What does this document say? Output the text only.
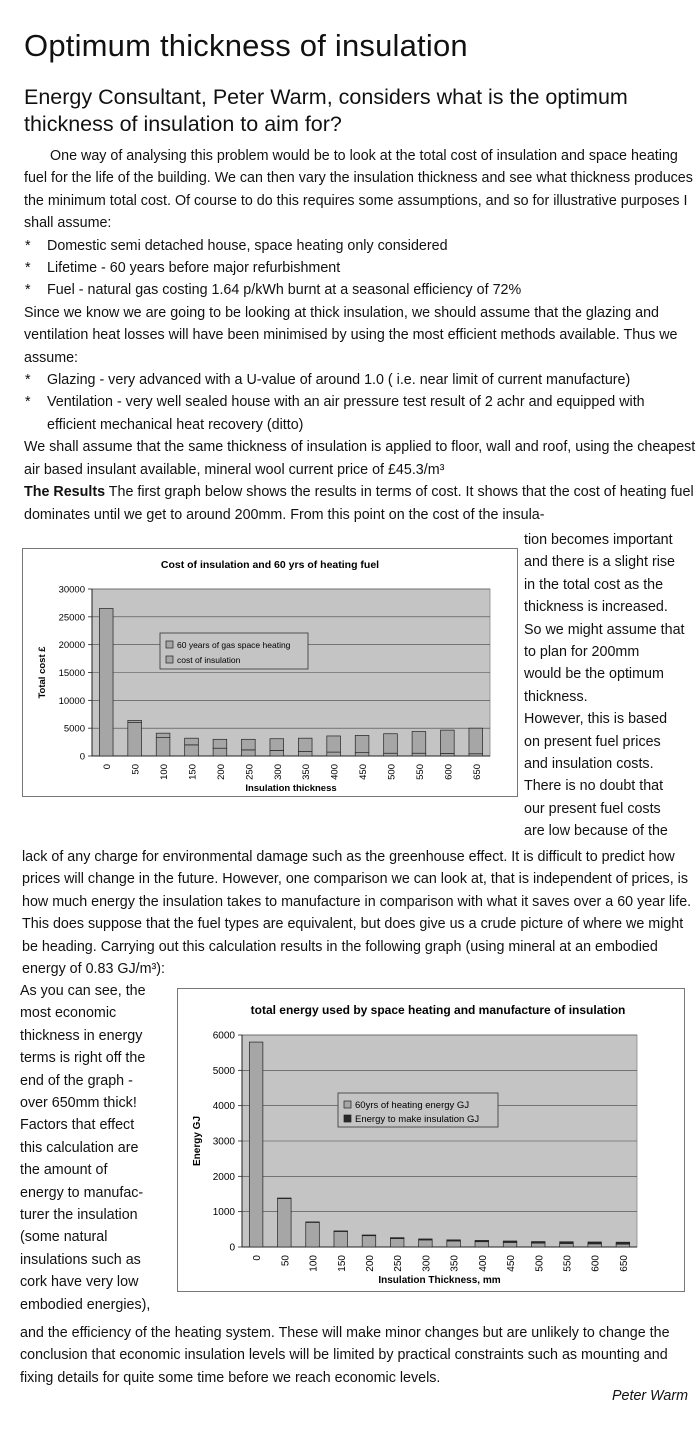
Optimum thickness of insulation
Energy Consultant, Peter Warm, considers what is the optimum thickness of insulation to aim for?

One way of analysing this problem would be to look at the total cost of insulation and space heating fuel for the life of the building. We can then vary the insulation thickness and see what thickness produces the minimum total cost. Of course to do this requires some assumptions, and so for illustrative purposes I shall assume:

* Domestic semi detached house, space heating only considered
* Lifetime - 60 years before major refurbishment
* Fuel - natural gas costing 1.64 p/kWh burnt at a seasonal efficiency of 72%

Since we know we are going to be looking at thick insulation, we should assume that the glazing and ventilation heat losses will have been minimised by using the most efficient methods available. Thus we assume:

* Glazing - very advanced with a U-value of around 1.0 ( i.e. near limit of current manufacture)
* Ventilation - very well sealed house with an air pressure test result of 2 achr and equipped with efficient mechanical heat recovery (ditto)

We shall assume that the same thickness of insulation is applied to floor, wall and roof, using the cheapest air based insulant available, mineral wool current price of £45.3/m³

The Results The first graph below shows the results in terms of cost. It shows that the cost of heating fuel dominates until we get to around 200mm. From this point on the cost of the insula-

Cost of insulation and 60 yrs of heating fuel
0
5000
10000
15000
20000
25000
30000
0 50 100 150 200 250 300 350 400 450 500 550 600 650
Insulation thickness
Total cost £
60 years of gas space heating
cost of insulation
tion becomes important
and there is a slight rise
in the total cost as the
thickness is increased.
So we might assume that
to plan for 200mm
would be the optimum
thickness.
However, this is based
on present fuel prices
and insulation costs.
There is no doubt that
our present fuel costs
are low because of the

lack of any charge for environmental damage such as the greenhouse effect. It is difficult to predict how prices will change in the future. However, one comparison we can look at, that is independent of prices, is how much energy the insulation takes to manufacture in comparison with what it saves over a 60 year life. This does suppose that the fuel types are equivalent, but does give us a crude picture of where we might be heading. Carrying out this calculation results in the following graph (using mineral at an embodied energy of 0.83 GJ/m³):

total energy used by space heating and manufacture of insulation
0
1000
2000
3000
4000
5000
6000
0 50 100 150 200 250 300 350 400 450 500 550 600 650
Insulation Thickness, mm
Energy GJ
60yrs of heating energy GJ
Energy to make insulation GJ
As you can see, the
most economic
thickness in energy
terms is right off the
end of the graph -
over 650mm thick!
Factors that effect
this calculation are
the amount of
energy to manufac-
turer the insulation
(some natural
insulations such as
cork have very low
embodied energies),

and the efficiency of the heating system. These will make minor changes but are unlikely to change the conclusion that economic insulation levels will be limited by practical constraints such as mounting and fixing details for quite some time before we reach economic levels.

Peter Warm
